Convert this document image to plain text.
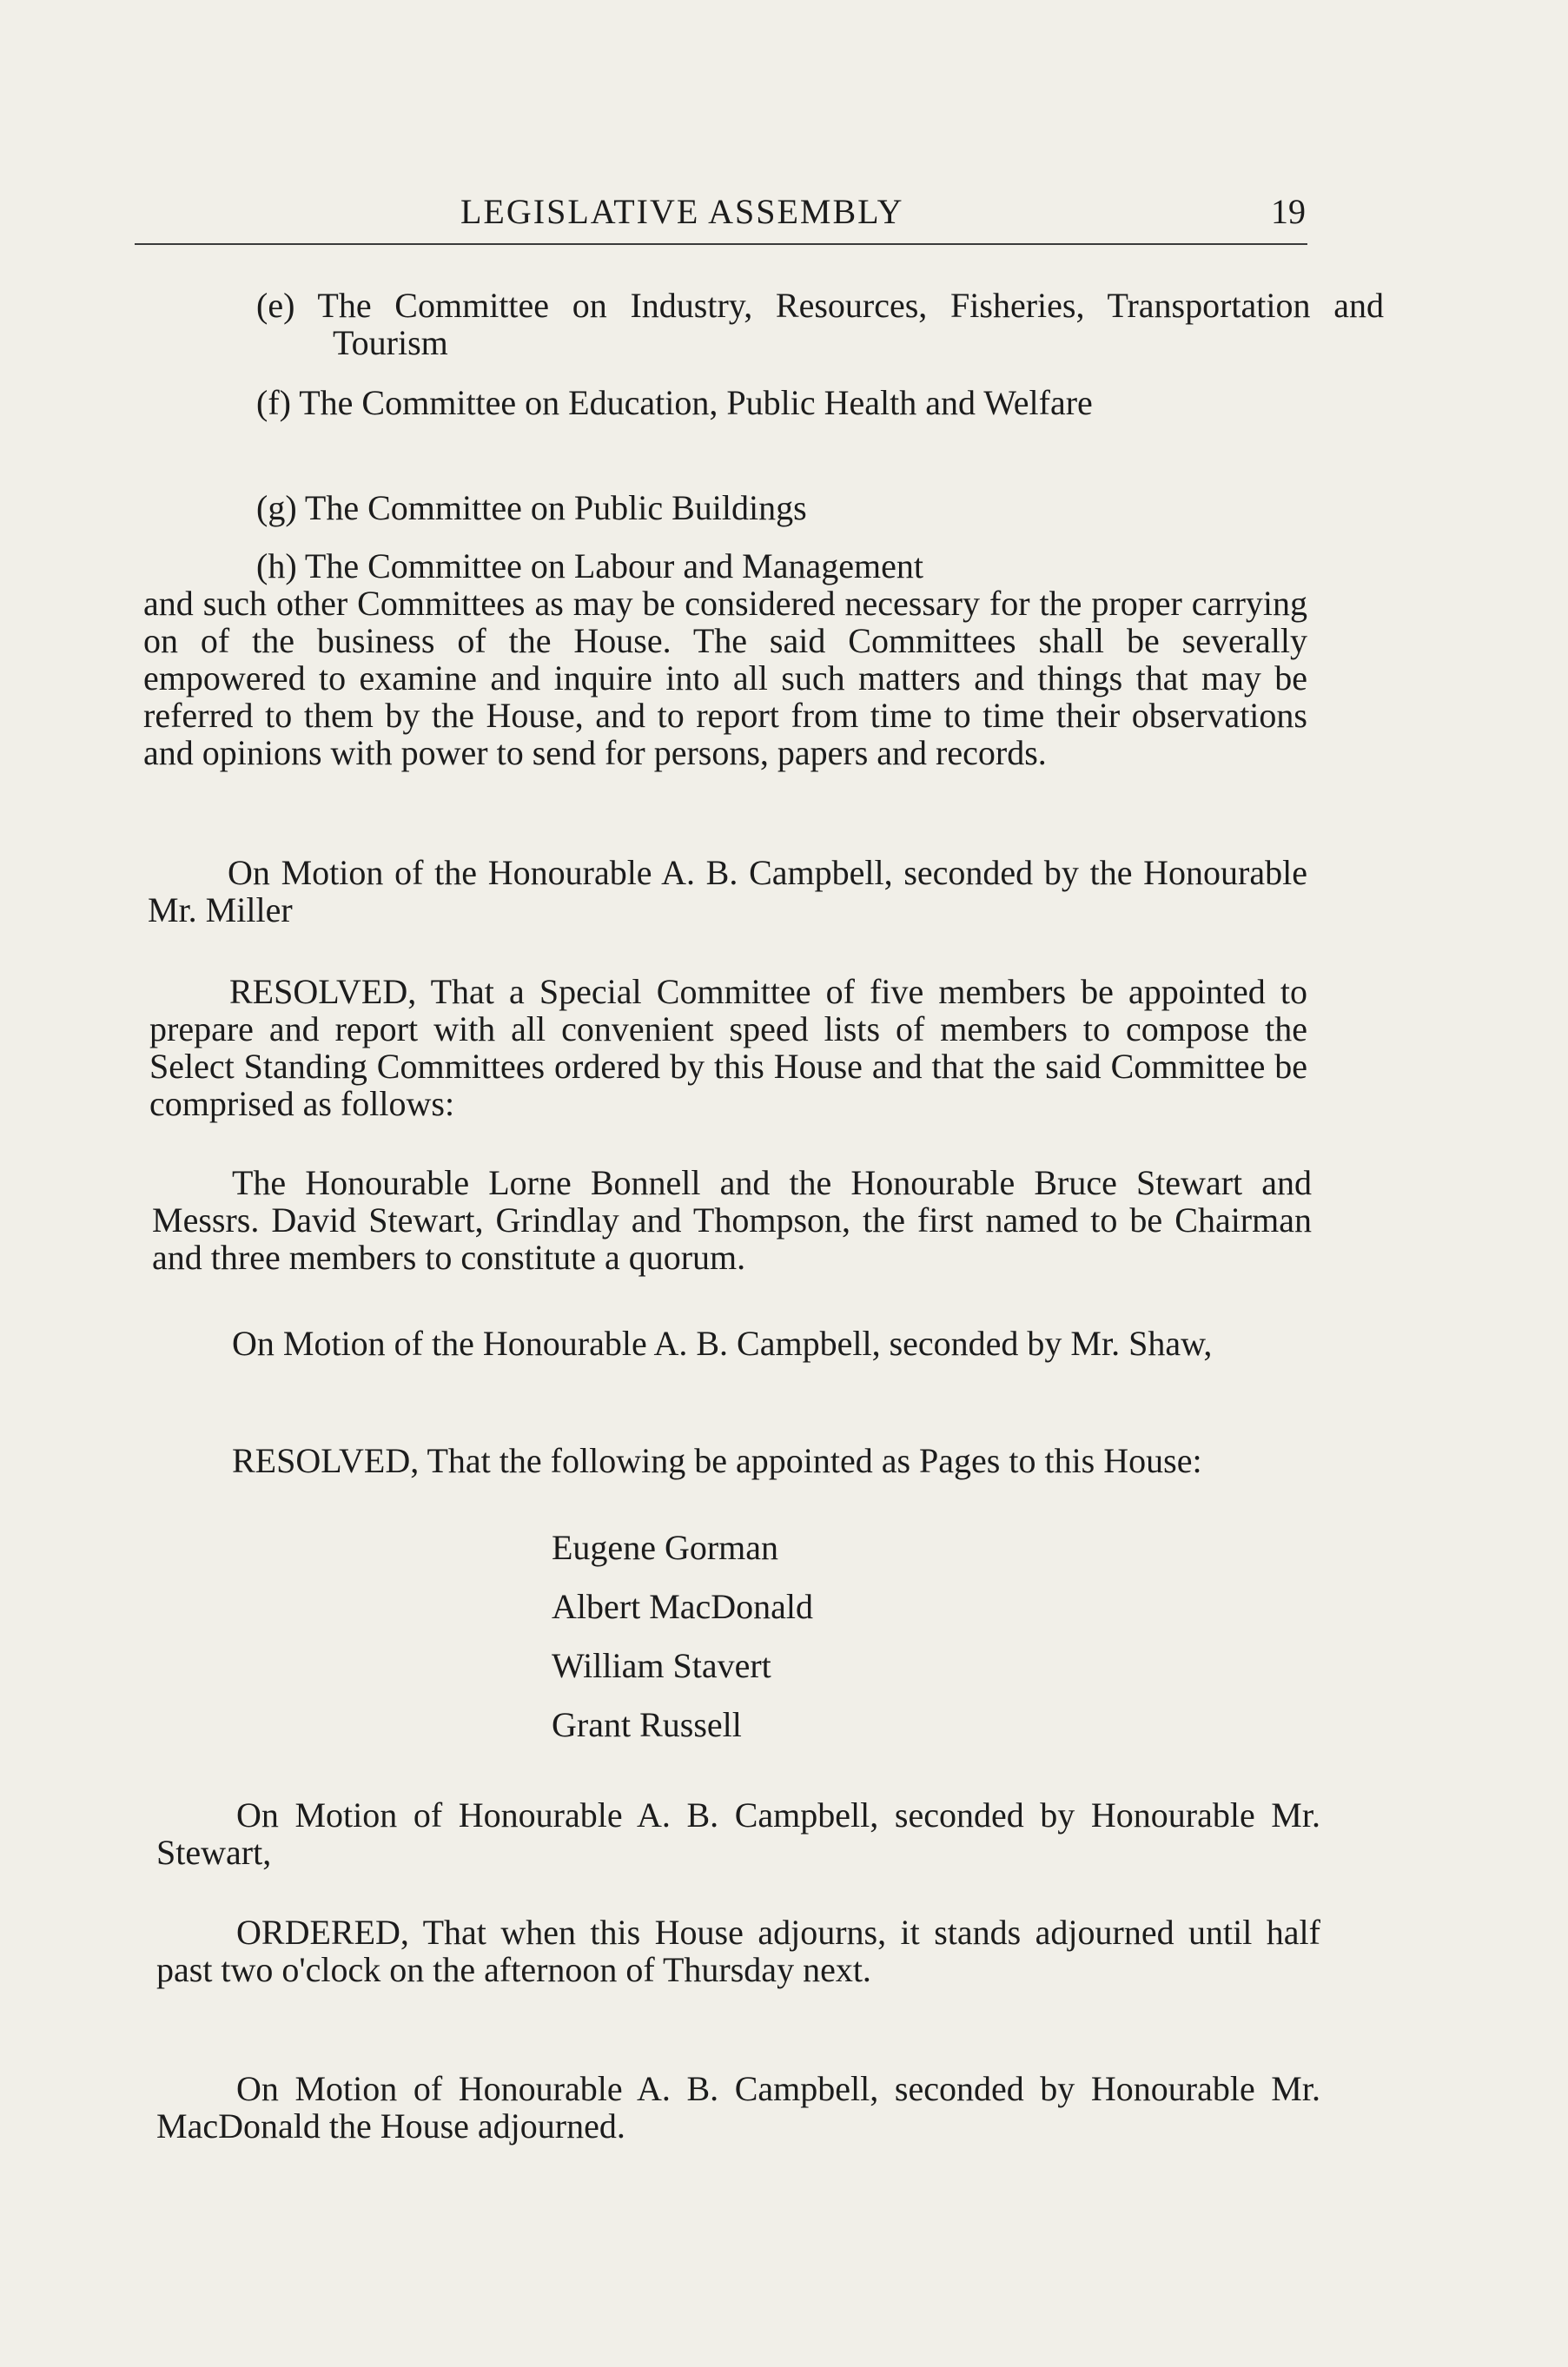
LEGISLATIVE ASSEMBLY	19
(e) The Committee on Industry, Resources, Fisheries, Transportation and Tourism
(f) The Committee on Education, Public Health and Welfare
(g) The Committee on Public Buildings
(h) The Committee on Labour and Management
and such other Committees as may be considered necessary for the proper carrying on of the business of the House. The said Committees shall be severally empowered to examine and inquire into all such matters and things that may be referred to them by the House, and to report from time to time their observations and opinions with power to send for persons, papers and records.
On Motion of the Honourable A. B. Campbell, seconded by the Honourable Mr. Miller
RESOLVED, That a Special Committee of five members be appointed to prepare and report with all convenient speed lists of members to compose the Select Standing Committees ordered by this House and that the said Committee be comprised as follows:
The Honourable Lorne Bonnell and the Honourable Bruce Stewart and Messrs. David Stewart, Grindlay and Thompson, the first named to be Chairman and three members to constitute a quorum.
On Motion of the Honourable A. B. Campbell, seconded by Mr. Shaw,
RESOLVED, That the following be appointed as Pages to this House:
Eugene Gorman
Albert MacDonald
William Stavert
Grant Russell
On Motion of Honourable A. B. Campbell, seconded by Honourable Mr. Stewart,
ORDERED, That when this House adjourns, it stands adjourned until half past two o'clock on the afternoon of Thursday next.
On Motion of Honourable A. B. Campbell, seconded by Honourable Mr. MacDonald the House adjourned.
